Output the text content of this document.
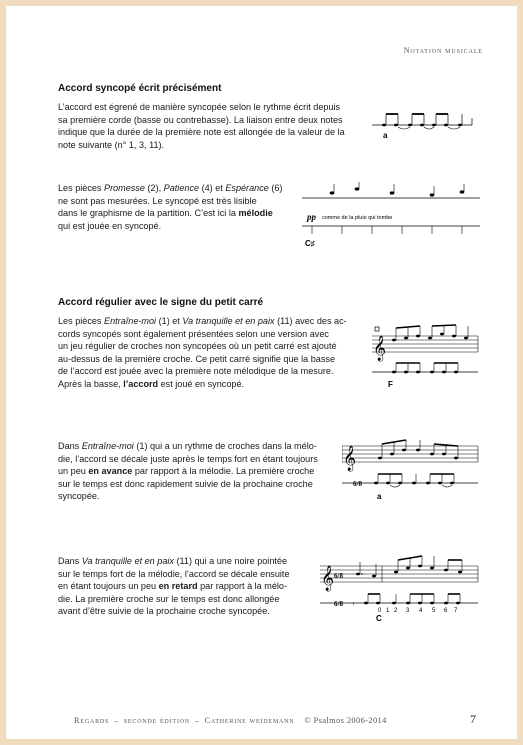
Notation musicale
Accord syncopé écrit précisément
L’accord est égrené de manière syncopée selon le rythme écrit depuis
sa première corde (basse ou contrebasse). La liaison entre deux notes
indique que la durée de la première note est allongée de la valeur de la
note suivante (n° 1, 3, 11).
a
Les pièces Promesse (2), Patience (4) et Espérance (6)
ne sont pas mesurées. Le syncopé est très lisible
dans le graphisme de la partition. C’est ici la mélodie
qui est jouée en syncopé.
pp comme de la pluie qui tombe
C♯
Accord régulier avec le signe du petit carré
Les pièces Entraîne-moi (1) et Va tranquille et en paix (11) avec des ac-
cords syncopés sont également présentées selon une version avec
un jeu régulier de croches non syncopées où un petit carré est ajouté
au-dessus de la première croche. Ce petit carré signifie que la basse
de l’accord est jouée avec la première note mélodique de la mesure.
Après la basse, l’accord est joué en syncopé.
𝄞
F
Dans Entraîne-moi (1) qui a un rythme de croches dans la mélo-
die, l’accord se décale juste après le temps fort en étant toujours
un peu en avance par rapport à la mélodie. La première croche
sur le temps est donc rapidement suivie de la prochaine croche
syncopée.
𝄞
6/8
a
Dans Va tranquille et en paix (11) qui a une noire pointée
sur le temps fort de la mélodie, l’accord se décale ensuite
en étant toujours un peu en retard par rapport à la mélo-
die. La première croche sur le temps est donc allongée
avant d’être suivie de la prochaine croche syncopée.
𝄞 6/8
6/8 𝄾
0 1 2 3 4 5 6 7
C
Regards – seconde édition – Catherine weidemann © Psalmos 2006-2014	7
